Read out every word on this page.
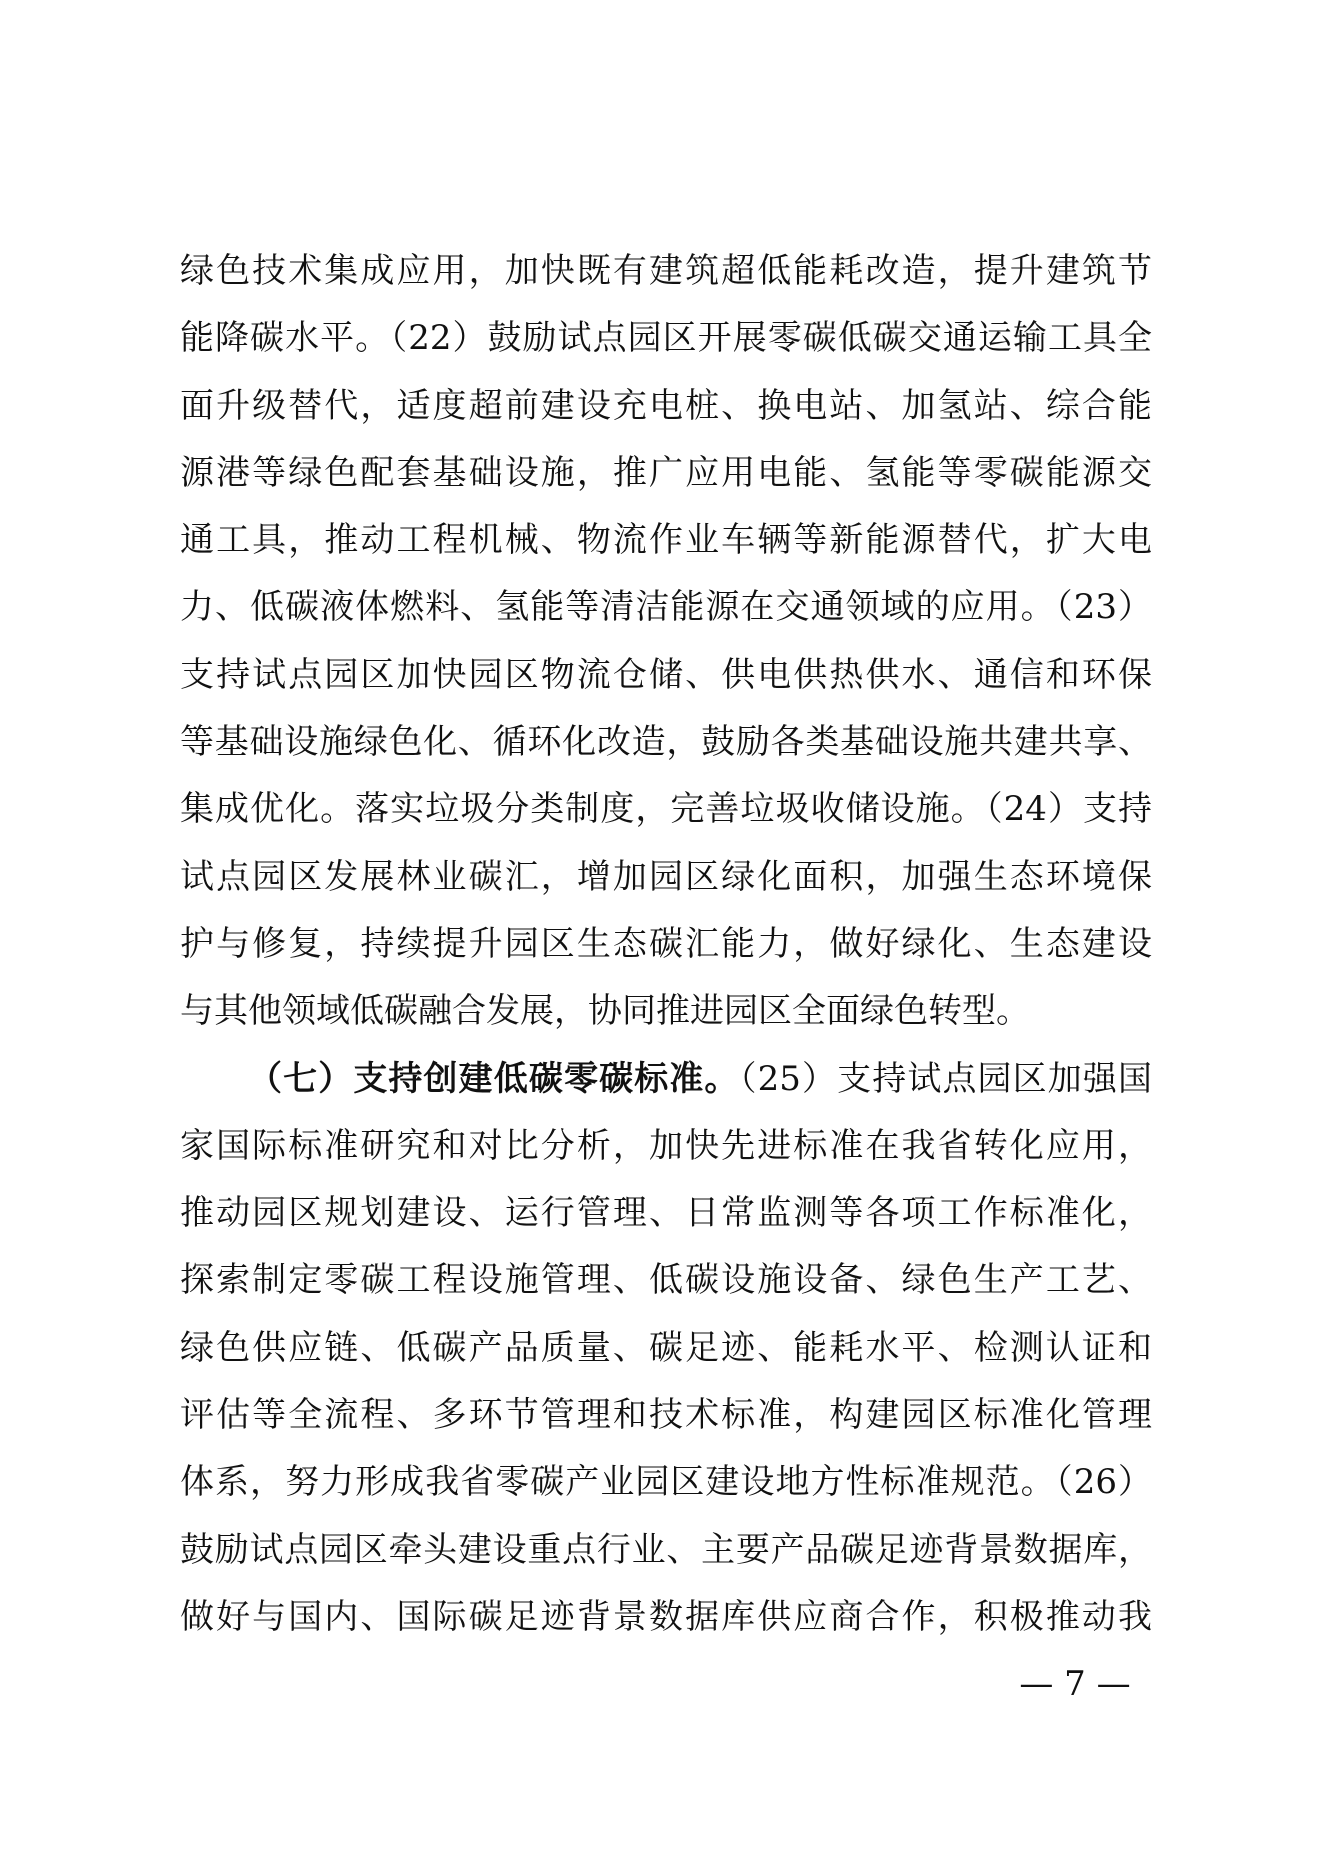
绿色技术集成应用，加快既有建筑超低能耗改造，提升建筑节
能降碳水平。（22）鼓励试点园区开展零碳低碳交通运输工具全
面升级替代，适度超前建设充电桩、换电站、加氢站、综合能
源港等绿色配套基础设施，推广应用电能、氢能等零碳能源交
通工具，推动工程机械、物流作业车辆等新能源替代，扩大电
力、低碳液体燃料、氢能等清洁能源在交通领域的应用。（23）
支持试点园区加快园区物流仓储、供电供热供水、通信和环保
等基础设施绿色化、循环化改造，鼓励各类基础设施共建共享、
集成优化。落实垃圾分类制度，完善垃圾收储设施。（24）支持
试点园区发展林业碳汇，增加园区绿化面积，加强生态环境保
护与修复，持续提升园区生态碳汇能力，做好绿化、生态建设
与其他领域低碳融合发展，协同推进园区全面绿色转型。
（七）支持创建低碳零碳标准。（25）支持试点园区加强国
家国际标准研究和对比分析，加快先进标准在我省转化应用，
推动园区规划建设、运行管理、日常监测等各项工作标准化，
探索制定零碳工程设施管理、低碳设施设备、绿色生产工艺、
绿色供应链、低碳产品质量、碳足迹、能耗水平、检测认证和
评估等全流程、多环节管理和技术标准，构建园区标准化管理
体系，努力形成我省零碳产业园区建设地方性标准规范。（26）
鼓励试点园区牵头建设重点行业、主要产品碳足迹背景数据库，
做好与国内、国际碳足迹背景数据库供应商合作，积极推动我
— 7 —
